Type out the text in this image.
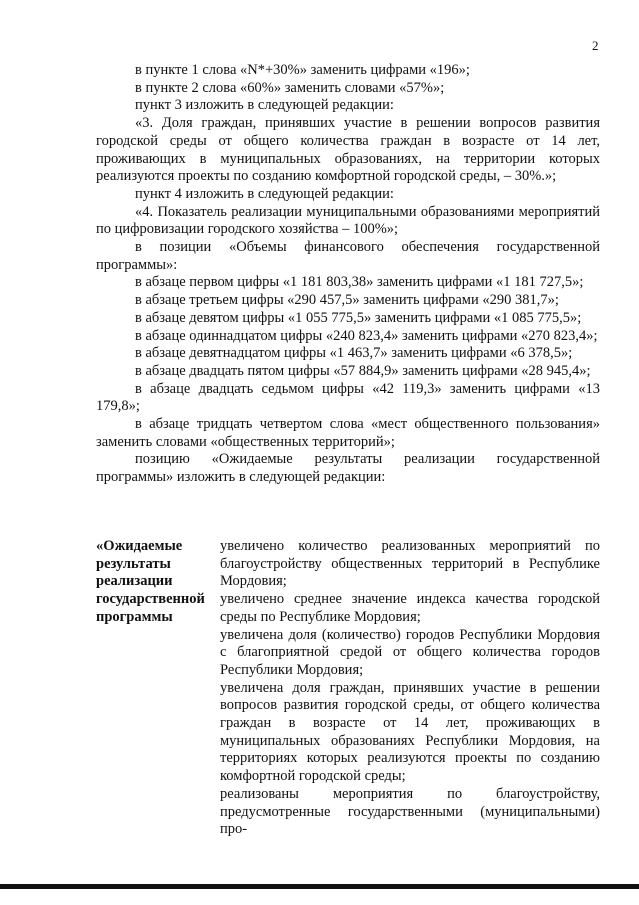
2

в пункте 1 слова «N*+30%» заменить цифрами «196»;

в пункте 2 слова «60%» заменить словами «57%»;

пункт 3 изложить в следующей редакции:

«3. Доля граждан, принявших участие в решении вопросов развития городской среды от общего количества граждан в возрасте от 14 лет, проживающих в муниципальных образованиях, на территории которых реализуются проекты по созданию комфортной городской среды, – 30%.»;

пункт 4 изложить в следующей редакции:

«4. Показатель реализации муниципальными образованиями мероприятий по цифровизации городского хозяйства – 100%»;

в позиции «Объемы финансового обеспечения государственной программы»:

в абзаце первом цифры «1 181 803,38» заменить цифрами «1 181 727,5»;

в абзаце третьем цифры «290 457,5» заменить цифрами «290 381,7»;

в абзаце девятом цифры «1 055 775,5» заменить цифрами «1 085 775,5»;

в абзаце одиннадцатом цифры «240 823,4» заменить цифрами «270 823,4»;

в абзаце девятнадцатом цифры «1 463,7» заменить цифрами «6 378,5»;

в абзаце двадцать пятом цифры «57 884,9» заменить цифрами «28 945,4»;

в абзаце двадцать седьмом цифры «42 119,3» заменить цифрами «13 179,8»;

в абзаце тридцать четвертом слова «мест общественного пользования» заменить словами «общественных территорий»;

позицию «Ожидаемые результаты реализации государственной программы» изложить в следующей редакции:

«Ожидаемые результаты реализации государственной программы

увеличено количество реализованных мероприятий по благоустройству общественных территорий в Республике Мордовия;

увеличено среднее значение индекса качества городской среды по Республике Мордовия;

увеличена доля (количество) городов Республики Мордовия с благоприятной средой от общего количества городов Республики Мордовия;

увеличена доля граждан, принявших участие в решении вопросов развития городской среды, от общего количества граждан в возрасте от 14 лет, проживающих в муниципальных образованиях Республики Мордовия, на территориях которых реализуются проекты по созданию комфортной городской среды;

реализованы мероприятия по благоустройству, предусмотренные государственными (муниципальными) про-
